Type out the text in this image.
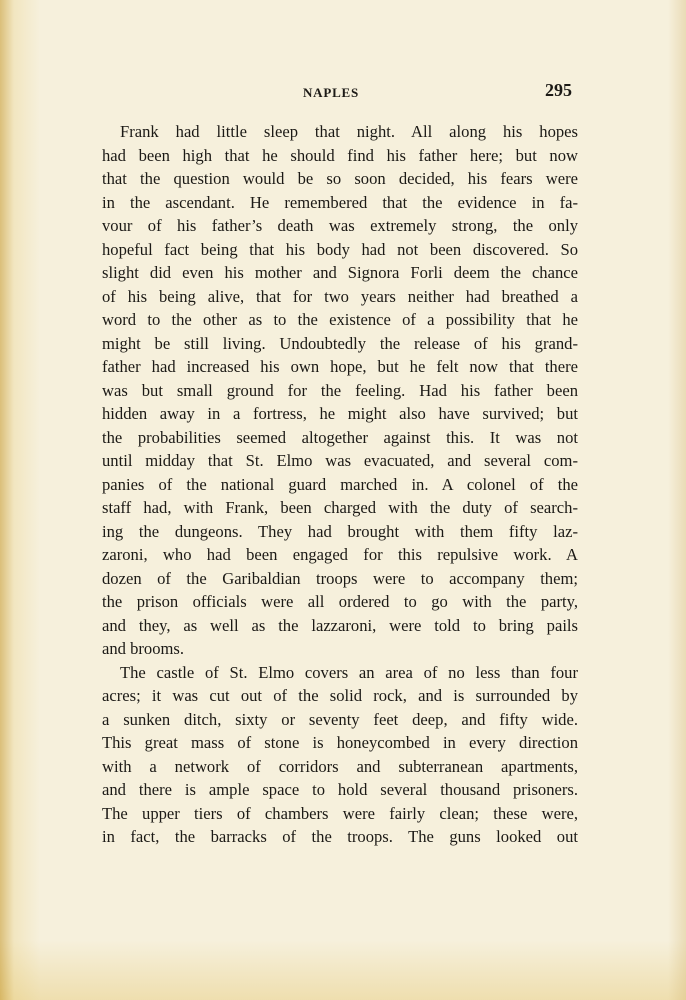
NAPLES	295
Frank had little sleep that night. All along his hopes
had been high that he should find his father here; but now
that the question would be so soon decided, his fears were
in the ascendant. He remembered that the evidence in fa-
vour of his father’s death was extremely strong, the only
hopeful fact being that his body had not been discovered. So
slight did even his mother and Signora Forli deem the chance
of his being alive, that for two years neither had breathed a
word to the other as to the existence of a possibility that he
might be still living. Undoubtedly the release of his grand-
father had increased his own hope, but he felt now that there
was but small ground for the feeling. Had his father been
hidden away in a fortress, he might also have survived; but
the probabilities seemed altogether against this. It was not
until midday that St. Elmo was evacuated, and several com-
panies of the national guard marched in. A colonel of the
staff had, with Frank, been charged with the duty of search-
ing the dungeons. They had brought with them fifty laz-
zaroni, who had been engaged for this repulsive work. A
dozen of the Garibaldian troops were to accompany them;
the prison officials were all ordered to go with the party,
and they, as well as the lazzaroni, were told to bring pails
and brooms.
The castle of St. Elmo covers an area of no less than four
acres; it was cut out of the solid rock, and is surrounded by
a sunken ditch, sixty or seventy feet deep, and fifty wide.
This great mass of stone is honeycombed in every direction
with a network of corridors and subterranean apartments,
and there is ample space to hold several thousand prisoners.
The upper tiers of chambers were fairly clean; these were,
in fact, the barracks of the troops. The guns looked out
